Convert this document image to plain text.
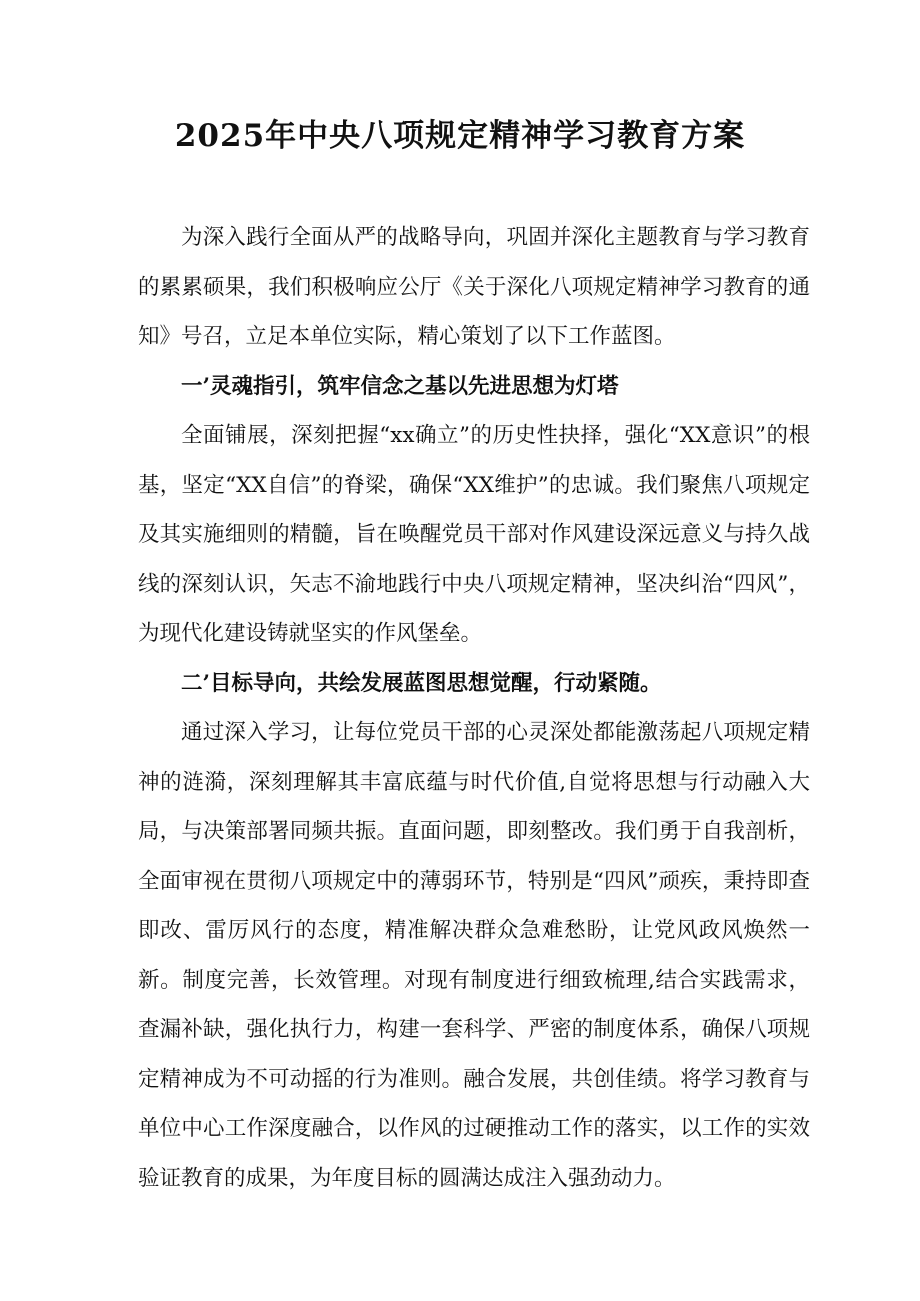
2025年中央八项规定精神学习教育方案

为深入践行全面从严的战略导向，巩固并深化主题教育与学习教育的累累硕果，我们积极响应公厅《关于深化八项规定精神学习教育的通知》号召，立足本单位实际，精心策划了以下工作蓝图。

一’灵魂指引，筑牢信念之基以先进思想为灯塔

全面铺展，深刻把握“xx确立”的历史性抉择，强化“XX意识”的根基，坚定“XX自信”的脊梁，确保“XX维护”的忠诚。我们聚焦八项规定及其实施细则的精髓，旨在唤醒党员干部对作风建设深远意义与持久战线的深刻认识，矢志不渝地践行中央八项规定精神，坚决纠治“四风”，为现代化建设铸就坚实的作风堡垒。

二’目标导向，共绘发展蓝图思想觉醒，行动紧随。

通过深入学习，让每位党员干部的心灵深处都能激荡起八项规定精神的涟漪，深刻理解其丰富底蕴与时代价值,自觉将思想与行动融入大局，与决策部署同频共振。直面问题，即刻整改。我们勇于自我剖析，全面审视在贯彻八项规定中的薄弱环节，特别是“四风”顽疾，秉持即查即改、雷厉风行的态度，精准解决群众急难愁盼，让党风政风焕然一新。制度完善，长效管理。对现有制度进行细致梳理,结合实践需求，查漏补缺，强化执行力，构建一套科学、严密的制度体系，确保八项规定精神成为不可动摇的行为准则。融合发展，共创佳绩。将学习教育与单位中心工作深度融合，以作风的过硬推动工作的落实，以工作的实效验证教育的成果，为年度目标的圆满达成注入强劲动力。
